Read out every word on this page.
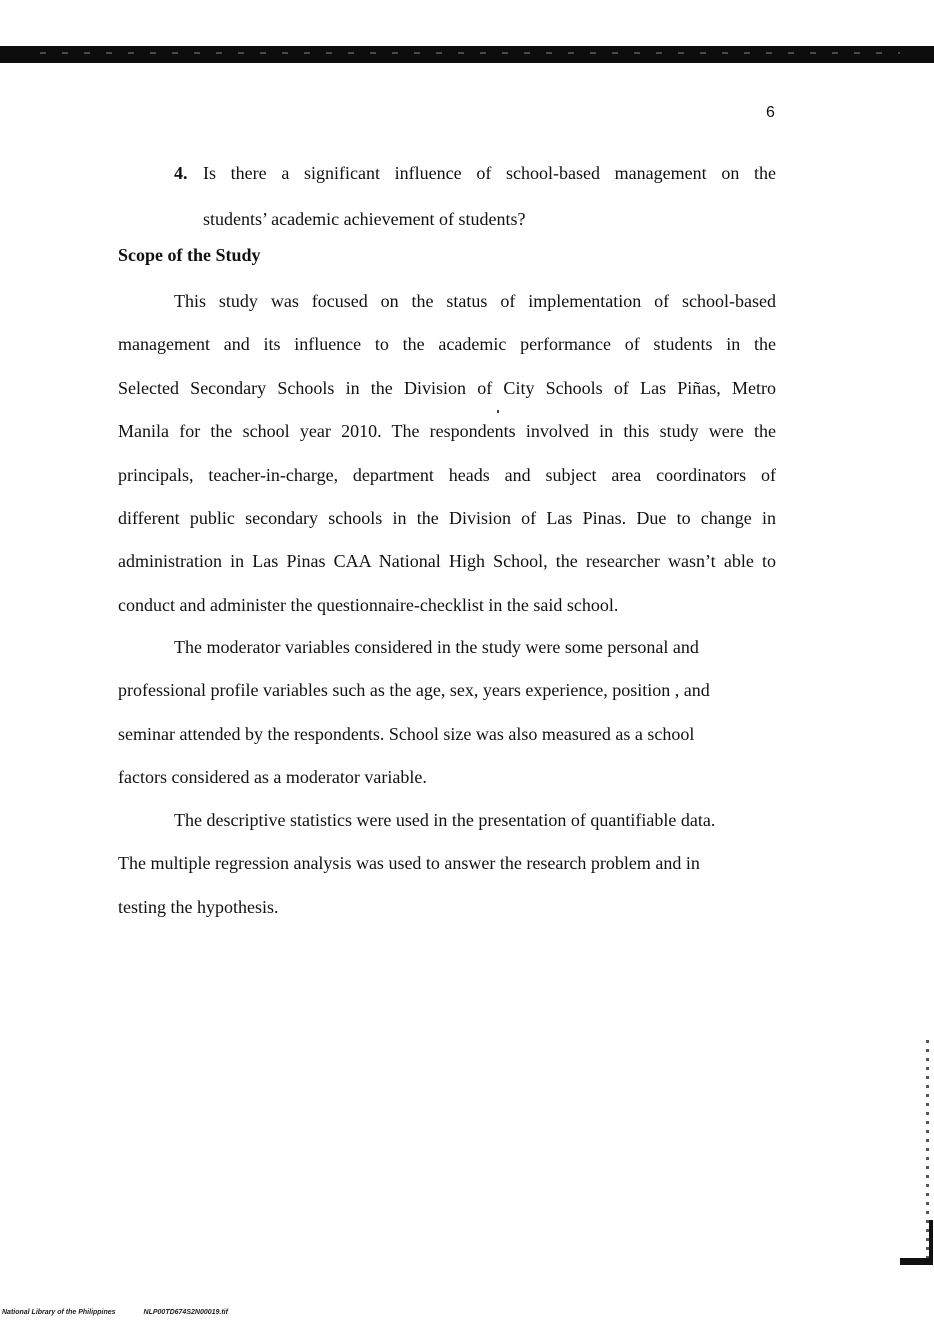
6
4. Is there a significant influence of school-based management on the
students’ academic achievement of students?
Scope of the Study
This study was focused on the status of implementation of school-based
management and its influence to the academic performance of students in the
Selected Secondary Schools in the Division of City Schools of Las Piñas, Metro
Manila for the school year 2010. The respondents involved in this study were the
principals, teacher-in-charge, department heads and subject area coordinators of
different public secondary schools in the Division of Las Pinas. Due to change in
administration in Las Pinas CAA National High School, the researcher wasn’t able to
conduct and administer the questionnaire-checklist in the said school.
The moderator variables considered in the study were some personal and
professional profile variables such as the age, sex, years experience, position , and
seminar attended by the respondents. School size was also measured as a school
factors considered as a moderator variable.
The descriptive statistics were used in the presentation of quantifiable data.
The multiple regression analysis was used to answer the research problem and in
testing the hypothesis.
National Library of the Philippines	NLP00TD674S2N00019.tif
